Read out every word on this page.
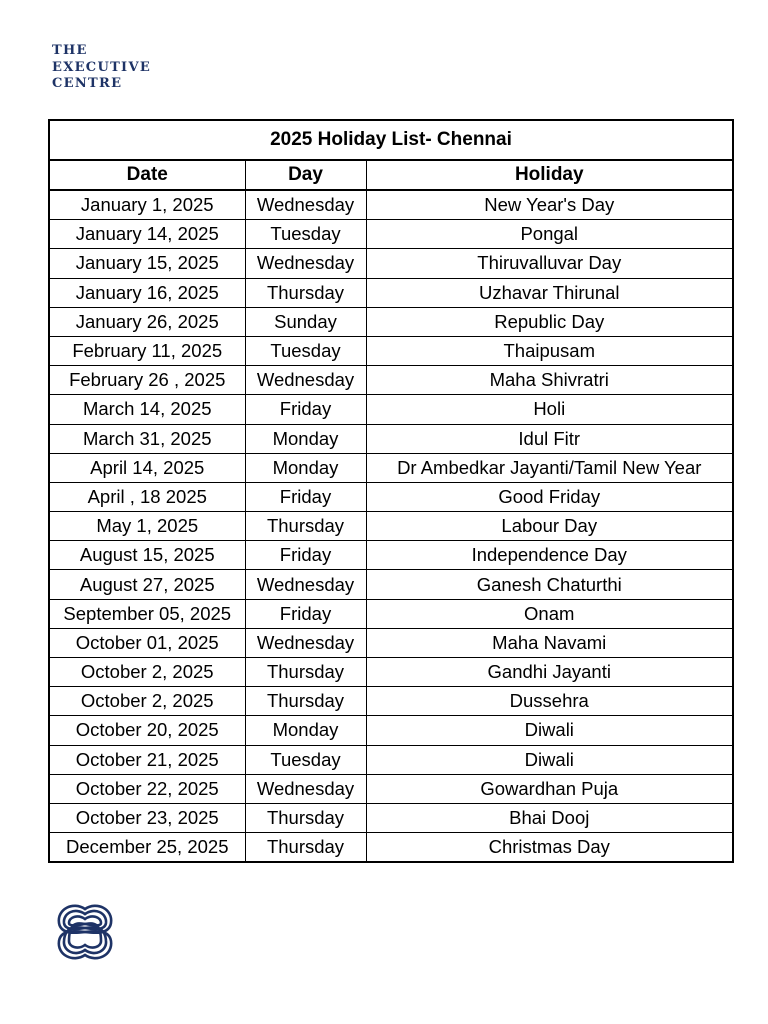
THE
EXECUTIVE
CENTRE
2025 Holiday List- Chennai		
Date	Day	Holiday
January 1, 2025	Wednesday	New Year's Day
January 14, 2025	Tuesday	Pongal
January 15, 2025	Wednesday	Thiruvalluvar Day
January 16, 2025	Thursday	Uzhavar Thirunal
January 26, 2025	Sunday	Republic Day
February 11, 2025	Tuesday	Thaipusam
February 26 , 2025	Wednesday	Maha Shivratri
March 14, 2025	Friday	Holi
March 31, 2025	Monday	Idul Fitr
April 14, 2025	Monday	Dr Ambedkar Jayanti/Tamil New Year
April , 18 2025	Friday	Good Friday
May 1, 2025	Thursday	Labour Day
August 15, 2025	Friday	Independence Day
August 27, 2025	Wednesday	Ganesh Chaturthi
September 05, 2025	Friday	Onam
October 01, 2025	Wednesday	Maha Navami
October 2, 2025	Thursday	Gandhi Jayanti
October 2, 2025	Thursday	Dussehra
October 20, 2025	Monday	Diwali
October 21, 2025	Tuesday	Diwali
October 22, 2025	Wednesday	Gowardhan Puja
October 23, 2025	Thursday	Bhai Dooj
December 25, 2025	Thursday	Christmas Day
